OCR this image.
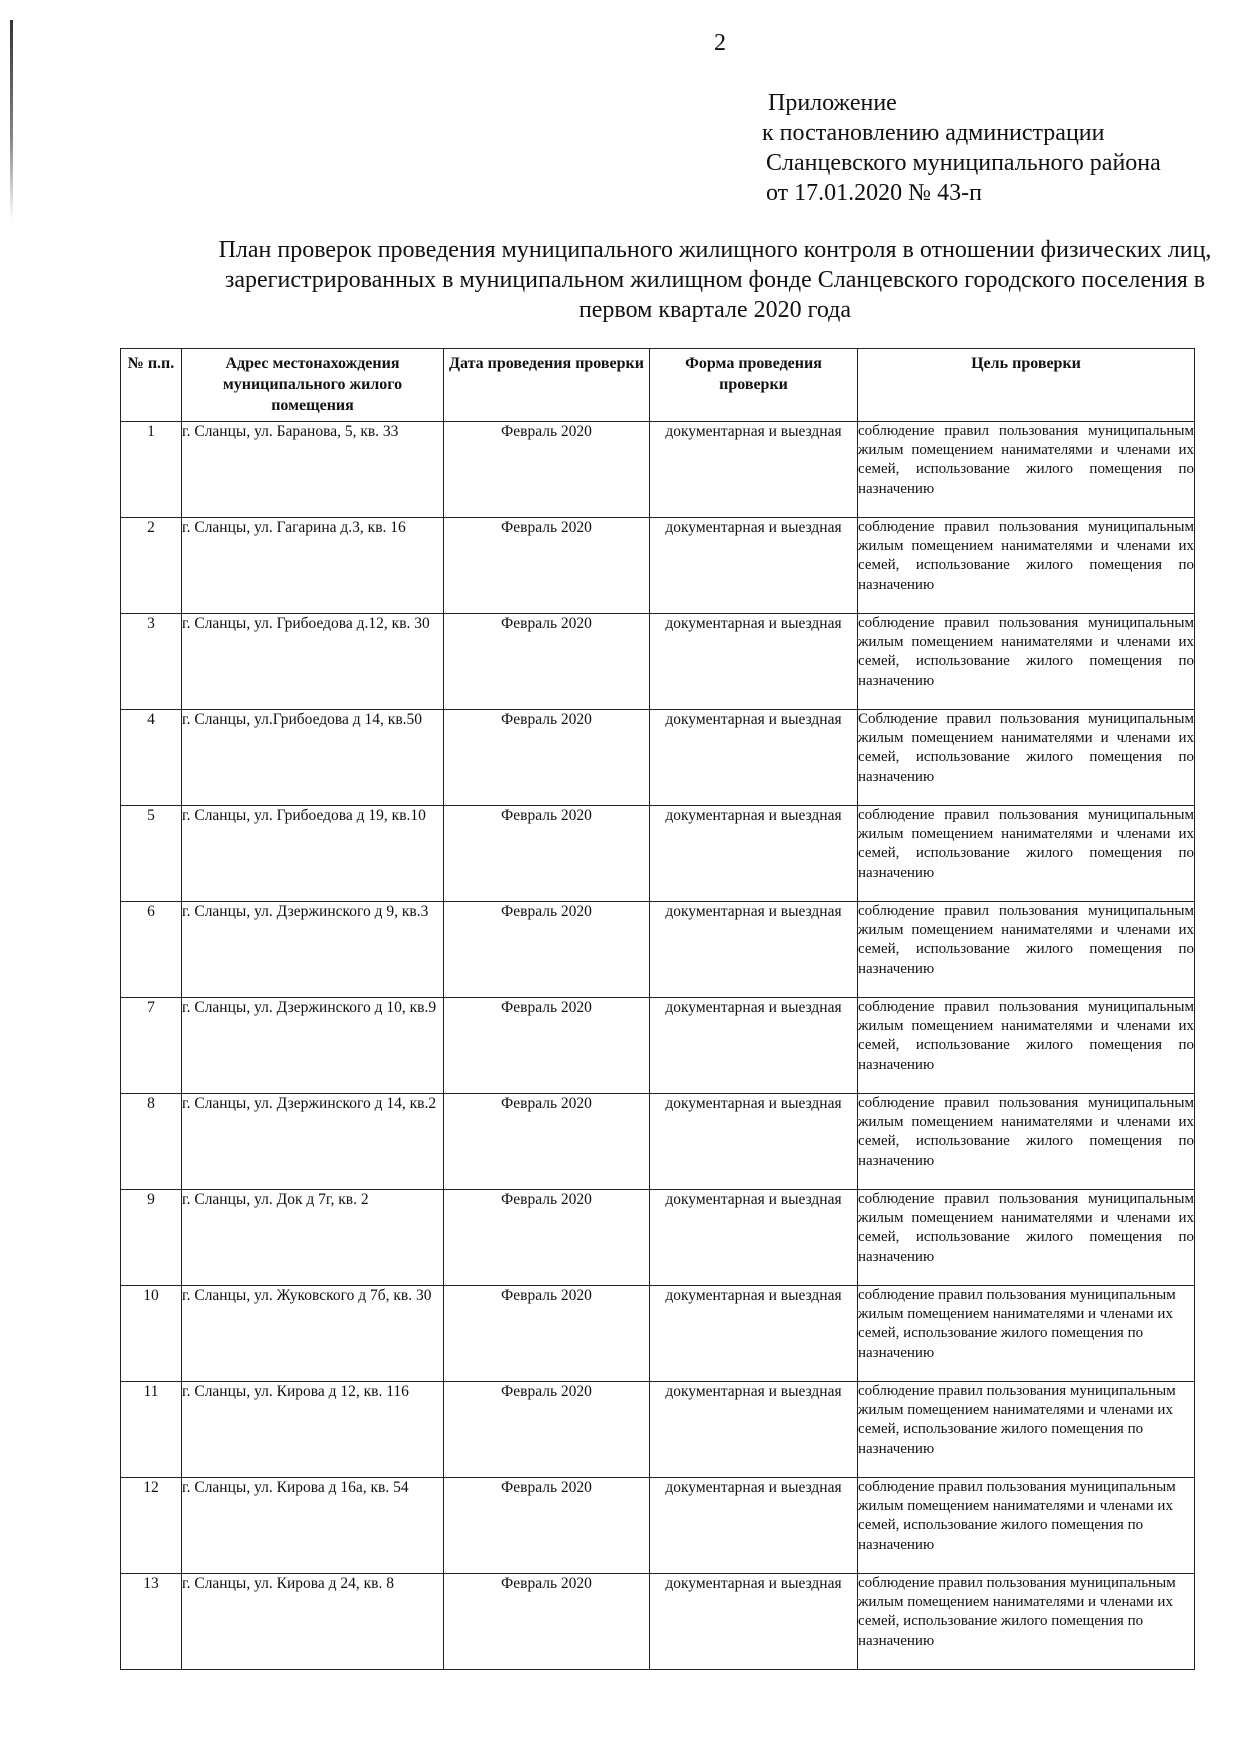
2
Приложение
к постановлению администрации
Сланцевского муниципального района
от 17.01.2020 № 43-п
План проверок проведения муниципального жилищного контроля в отношении физических лиц, зарегистрированных в муниципальном жилищном фонде Сланцевского городского поселения в первом квартале 2020 года
№ п.п.	Адрес местонахождения муниципального жилого помещения	Дата проведения проверки	Форма проведения проверки	Цель проверки
1	г. Сланцы, ул. Баранова, 5, кв. 33	Февраль 2020	документарная и выездная	соблюдение правил пользования муниципальным жилым помещением нанимателями и членами их семей, использование жилого помещения по назначению
2	г. Сланцы, ул. Гагарина д.3, кв. 16	Февраль 2020	документарная и выездная	соблюдение правил пользования муниципальным жилым помещением нанимателями и членами их семей, использование жилого помещения по назначению
3	г. Сланцы, ул. Грибоедова д.12, кв. 30	Февраль 2020	документарная и выездная	соблюдение правил пользования муниципальным жилым помещением нанимателями и членами их семей, использование жилого помещения по назначению
4	г. Сланцы, ул.Грибоедова д 14, кв.50	Февраль 2020	документарная и выездная	Соблюдение правил пользования муниципальным жилым помещением нанимателями и членами их семей, использование жилого помещения по назначению
5	г. Сланцы, ул. Грибоедова д 19, кв.10	Февраль 2020	документарная и выездная	соблюдение правил пользования муниципальным жилым помещением нанимателями и членами их семей, использование жилого помещения по назначению
6	г. Сланцы, ул. Дзержинского д 9, кв.3	Февраль 2020	документарная и выездная	соблюдение правил пользования муниципальным жилым помещением нанимателями и членами их семей, использование жилого помещения по назначению
7	г. Сланцы, ул. Дзержинского д 10, кв.9	Февраль 2020	документарная и выездная	соблюдение правил пользования муниципальным жилым помещением нанимателями и членами их семей, использование жилого помещения по назначению
8	г. Сланцы, ул. Дзержинского д 14, кв.2	Февраль 2020	документарная и выездная	соблюдение правил пользования муниципальным жилым помещением нанимателями и членами их семей, использование жилого помещения по назначению
9	г. Сланцы, ул. Док д 7г, кв. 2	Февраль 2020	документарная и выездная	соблюдение правил пользования муниципальным жилым помещением нанимателями и членами их семей, использование жилого помещения по назначению
10	г. Сланцы, ул. Жуковского д 7б, кв. 30	Февраль 2020	документарная и выездная	соблюдение правил пользования муниципальным жилым помещением нанимателями и членами их семей, использование жилого помещения по назначению
11	г. Сланцы, ул. Кирова д 12, кв. 116	Февраль 2020	документарная и выездная	соблюдение правил пользования муниципальным жилым помещением нанимателями и членами их семей, использование жилого помещения по назначению
12	г. Сланцы, ул. Кирова д 16а, кв. 54	Февраль 2020	документарная и выездная	соблюдение правил пользования муниципальным жилым помещением нанимателями и членами их семей, использование жилого помещения по назначению
13	г. Сланцы, ул. Кирова д 24, кв. 8	Февраль 2020	документарная и выездная	соблюдение правил пользования муниципальным жилым помещением нанимателями и членами их семей, использование жилого помещения по назначению
